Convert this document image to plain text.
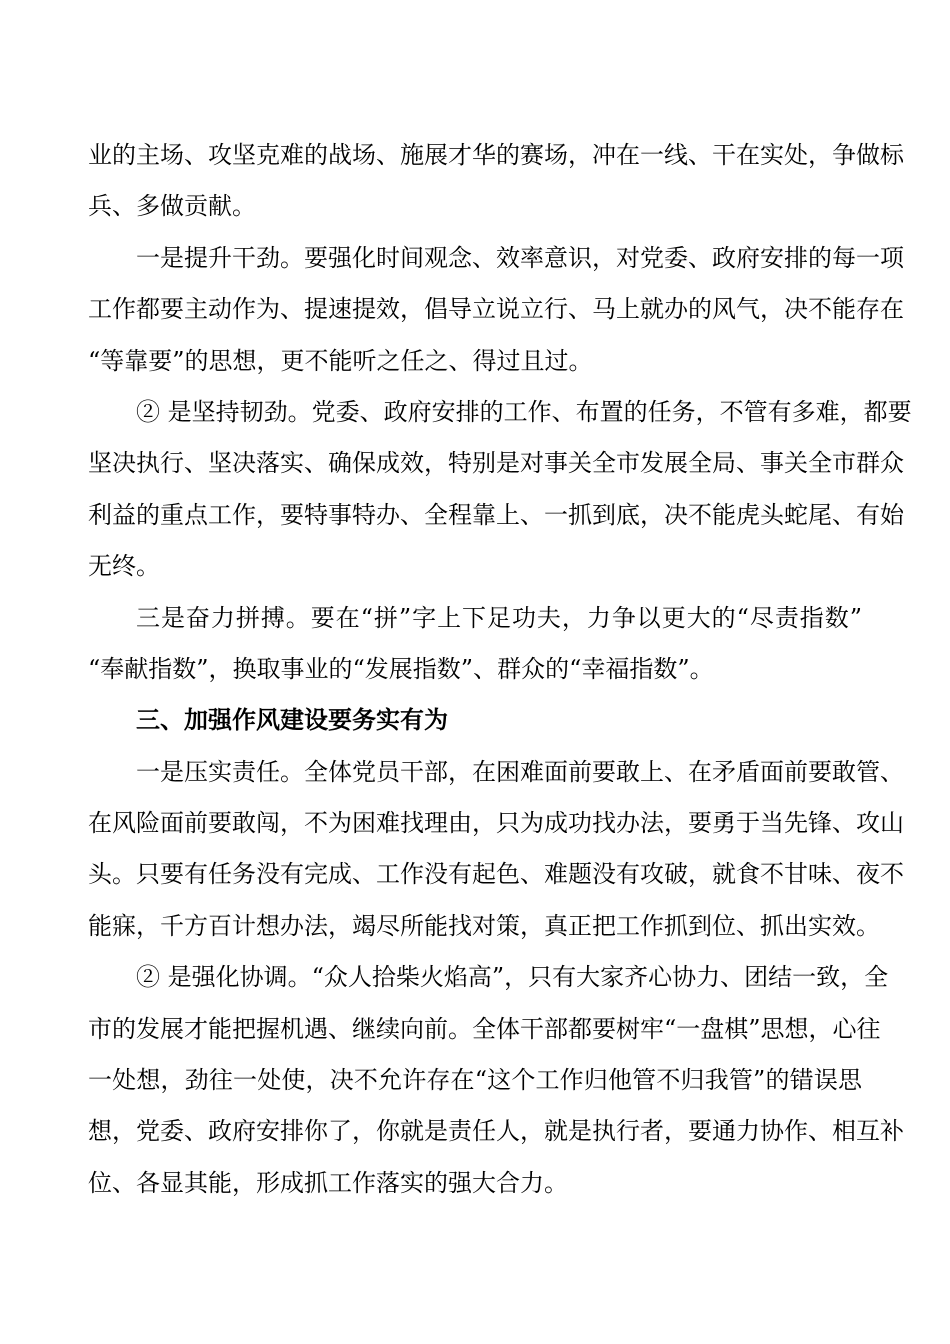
业的主场、攻坚克难的战场、施展才华的赛场，冲在一线、干在实处，争做标
兵、多做贡献。
一是提升干劲。要强化时间观念、效率意识，对党委、政府安排的每一项
工作都要主动作为、提速提效，倡导立说立行、马上就办的风气，决不能存在
“等靠要”的思想，更不能听之任之、得过且过。
② 是坚持韧劲。党委、政府安排的工作、布置的任务，不管有多难，都要
坚决执行、坚决落实、确保成效，特别是对事关全市发展全局、事关全市群众
利益的重点工作，要特事特办、全程靠上、一抓到底，决不能虎头蛇尾、有始
无终。
三是奋力拼搏。要在“拼”字上下足功夫，力争以更大的“尽责指数”
“奉献指数”，换取事业的“发展指数”、群众的“幸福指数”。
三、加强作风建设要务实有为
一是压实责任。全体党员干部，在困难面前要敢上、在矛盾面前要敢管、
在风险面前要敢闯，不为困难找理由，只为成功找办法，要勇于当先锋、攻山
头。只要有任务没有完成、工作没有起色、难题没有攻破，就食不甘味、夜不
能寐，千方百计想办法，竭尽所能找对策，真正把工作抓到位、抓出实效。
② 是强化协调。“众人拾柴火焰高”，只有大家齐心协力、团结一致，全
市的发展才能把握机遇、继续向前。全体干部都要树牢“一盘棋”思想，心往
一处想，劲往一处使，决不允许存在“这个工作归他管不归我管”的错误思
想，党委、政府安排你了，你就是责任人，就是执行者，要通力协作、相互补
位、各显其能，形成抓工作落实的强大合力。
